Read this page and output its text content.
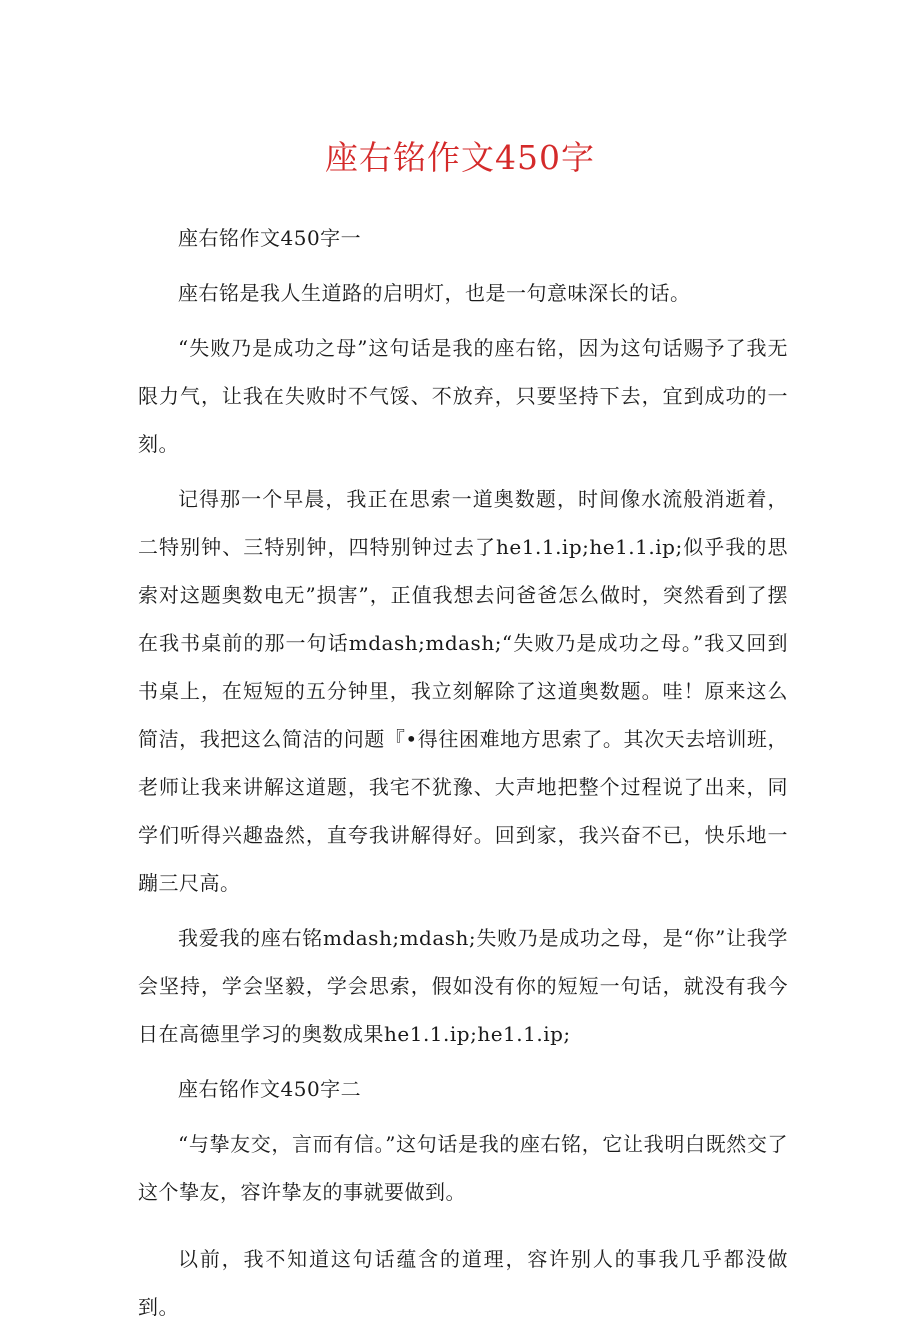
座右铭作文450字

座右铭作文450字一

座右铭是我人生道路的启明灯，也是一句意味深长的话。

“失败乃是成功之母”这句话是我的座右铭，因为这句话赐予了我无限力气，让我在失败时不气馁、不放弃，只要坚持下去，宜到成功的一刻。

记得那一个早晨，我正在思索一道奥数题，时间像水流般消逝着，二特别钟、三特别钟，四特别钟过去了he1.1.ip;he1.1.ip;似乎我的思索对这题奥数电无”损害”，正值我想去问爸爸怎么做时，突然看到了摆在我书桌前的那一句话mdash;mdash;“失败乃是成功之母。”我又回到书桌上，在短短的五分钟里，我立刻解除了这道奥数题。哇！原来这么简洁，我把这么简洁的问题『•得往困难地方思索了。其次天去培训班，老师让我来讲解这道题，我宅不犹豫、大声地把整个过程说了出来，同学们听得兴趣盎然，直夸我讲解得好。回到家，我兴奋不已，快乐地一蹦三尺高。

我爱我的座右铭mdash;mdash;失败乃是成功之母，是“你”让我学会坚持，学会坚毅，学会思索，假如没有你的短短一句话，就没有我今日在高德里学习的奥数成果he1.1.ip;he1.1.ip;

座右铭作文450字二

“与挚友交，言而有信。”这句话是我的座右铭，它让我明白既然交了这个挚友，容许挚友的事就要做到。

以前，我不知道这句话蕴含的道理，容许别人的事我几乎都没做到。
